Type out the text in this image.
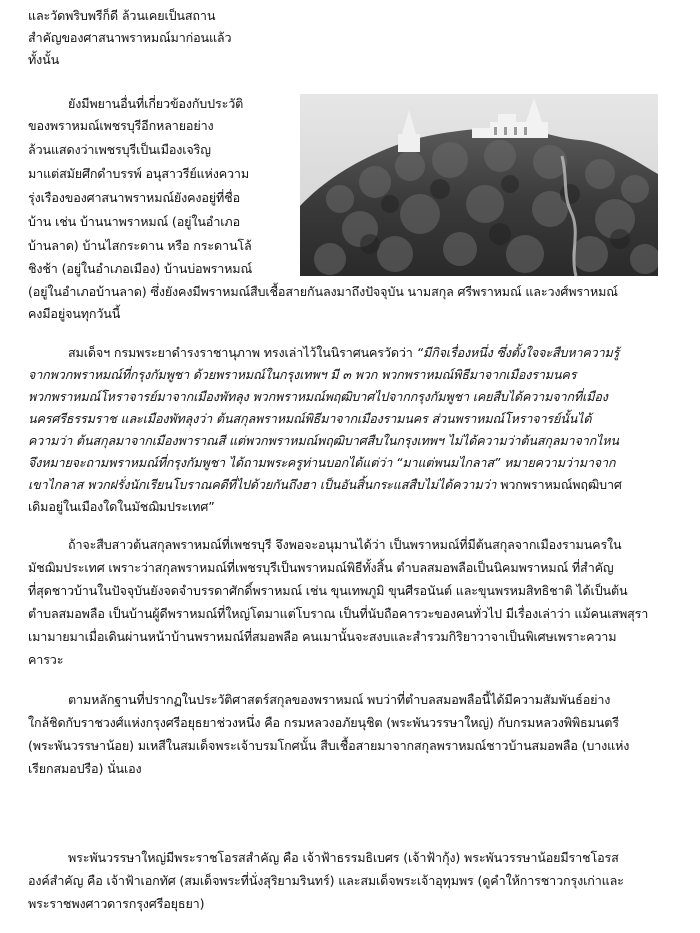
และวัดพริบพรีก็ดี ล้วนเคยเป็นสถาน
สำคัญของศาสนาพราหมณ์มาก่อนแล้ว
ทั้งนั้น
ยังมีพยานอื่นที่เกี่ยวข้องกับประวัติ
ของพราหมณ์เพชรบุรีอีกหลายอย่าง
ล้วนแสดงว่าเพชรบุรีเป็นเมืองเจริญ
มาแต่สมัยศึกดำบรรพ์ อนุสาวรีย์แห่งความ
รุ่งเรืองของศาสนาพราหมณ์ยังคงอยู่ที่ชื่อ
บ้าน เช่น บ้านนาพราหมณ์ (อยู่ในอำเภอ
บ้านลาด) บ้านไสกระดาน หรือ กระดานโล้
ชิงช้า (อยู่ในอำเภอเมือง) บ้านบ่อพราหมณ์
(อยู่ในอำเภอบ้านลาด) ซึ่งยังคงมีพราหมณ์สืบเชื้อสายกันลงมาถึงปัจจุบัน นามสกุล ศรีพราหมณ์ และวงศ์พราหมณ์
คงมีอยู่จนทุกวันนี้
สมเด็จฯ กรมพระยาดำรงราชานุภาพ ทรงเล่าไว้ในนิราศนครวัดว่า “มีกิจเรื่องหนึ่ง ซึ่งตั้งใจจะสืบหาความรู้
จากพวกพราหมณ์ที่กรุงกัมพูชา ด้วยพราหมณ์ในกรุงเทพฯ มี ๓ พวก พวกพราหมณ์พิธีมาจากเมืองรามนคร
พวกพราหมณ์โหราจารย์มาจากเมืองพัทลุง พวกพราหมณ์พฤฒิบาศไปจากกรุงกัมพูชา เคยสืบได้ความจากที่เมือง
นครศรีธรรมราช และเมืองพัทลุงว่า ต้นสกุลพราหมณ์พิธีมาจากเมืองรามนคร ส่วนพราหมณ์โหราจารย์นั้นได้
ความว่า ต้นสกุลมาจากเมืองพาราณสี แต่พวกพราหมณ์พฤฒิบาศสืบในกรุงเทพฯ ไม่ได้ความว่าต้นสกุลมาจากไหน
จึงหมายจะถามพราหมณ์ที่กรุงกัมพูชา ได้ถามพระครูท่านบอกได้แต่ว่า “มาแต่พนมไกลาส” หมายความว่ามาจาก
เขาไกลาส พวกฝรั่งนักเรียนโบราณคดีที่ไปด้วยกันถึงฮา เป็นอันสิ้นกระแสสืบไม่ได้ความว่า พวกพราหมณ์พฤฒิบาศ
เดิมอยู่ในเมืองใดในมัชฌิมประเทศ”
ถ้าจะสืบสาวต้นสกุลพราหมณ์ที่เพชรบุรี จึงพอจะอนุมานได้ว่า เป็นพราหมณ์ที่มีต้นสกุลจากเมืองรามนครใน
มัชฌิมประเทศ เพราะว่าสกุลพราหมณ์ที่เพชรบุรีเป็นพราหมณ์พิธีทั้งสิ้น ตำบลสมอพลือเป็นนิคมพราหมณ์ ที่สำคัญ
ที่สุดชาวบ้านในปัจจุบันยังจดจำบรรดาศักดิ์พราหมณ์ เช่น ขุนเทพภูมิ ขุนศีรอนันต์ และขุนพรหมสิทธิชาติ ได้เป็นต้น
ตำบลสมอพลือ เป็นบ้านผู้ดีพราหมณ์ที่ใหญ่โตมาแต่โบราณ เป็นที่นับถือคารวะของคนทั่วไป มีเรื่องเล่าว่า แม้คนเสพสุรา
เมามายมาเมื่อเดินผ่านหน้าบ้านพราหมณ์ที่สมอพลือ คนเมานั้นจะสงบและสำรวมกิริยาวาจาเป็นพิเศษเพราะความ
คารวะ
ตามหลักฐานที่ปรากฏในประวัติศาสตร์สกุลของพราหมณ์ พบว่าที่ตำบลสมอพลือนี้ได้มีความสัมพันธ์อย่าง
ใกล้ชิดกับราชวงศ์แห่งกรุงศรีอยุธยาช่วงหนึ่ง คือ กรมหลวงอภัยนุชิต (พระพันวรรษาใหญ่) กับกรมหลวงพิพิธมนตรี
(พระพันวรรษาน้อย) มเหสีในสมเด็จพระเจ้าบรมโกศนั้น สืบเชื้อสายมาจากสกุลพราหมณ์ชาวบ้านสมอพลือ (บางแห่ง
เรียกสมอปรือ) นั่นเอง
พระพันวรรษาใหญ่มีพระราชโอรสสำคัญ คือ เจ้าฟ้าธรรมธิเบศร (เจ้าฟ้ากุ้ง) พระพันวรรษาน้อยมีราชโอรส
องค์สำคัญ คือ เจ้าฟ้าเอกทัศ (สมเด็จพระที่นั่งสุริยามรินทร์) และสมเด็จพระเจ้าอุทุมพร (ดูคำให้การชาวกรุงเก่าและ
พระราชพงศาวดารกรุงศรีอยุธยา)
